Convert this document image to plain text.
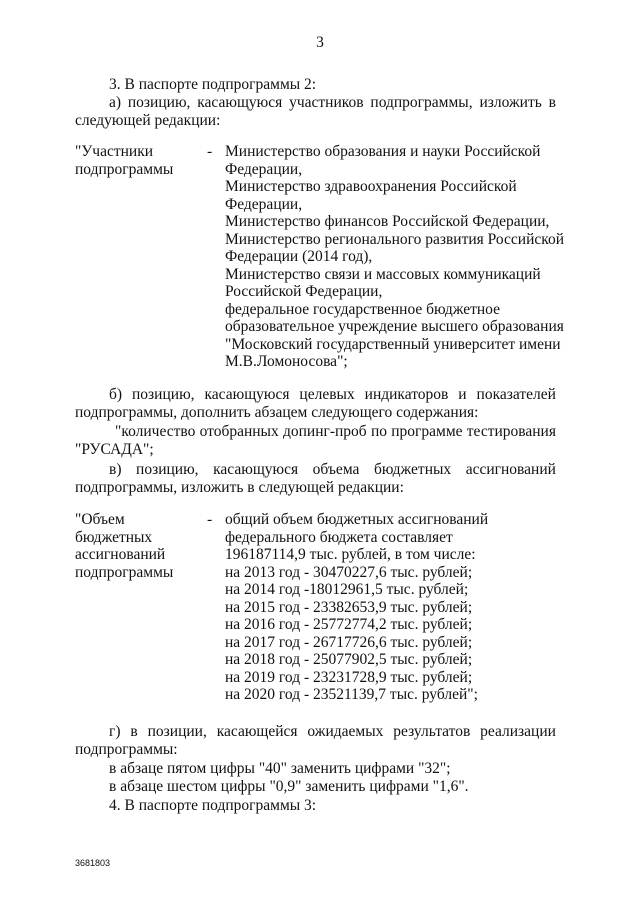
3
3. В паспорте подпрограммы 2:
а) позицию, касающуюся участников подпрограммы, изложить в
следующей редакции:
"Участники
подпрограммы
- Министерство образования и науки Российской
Федерации,
Министерство здравоохранения Российской
Федерации,
Министерство финансов Российской Федерации,
Министерство регионального развития Российской
Федерации (2014 год),
Министерство связи и массовых коммуникаций
Российской Федерации,
федеральное государственное бюджетное
образовательное учреждение высшего образования
"Московский государственный университет имени
М.В.Ломоносова";
б) позицию, касающуюся целевых индикаторов и показателей
подпрограммы, дополнить абзацем следующего содержания:
"количество отобранных допинг-проб по программе тестирования
"РУСАДА";
в) позицию, касающуюся объема бюджетных ассигнований
подпрограммы, изложить в следующей редакции:
"Объем
бюджетных
ассигнований
подпрограммы
- общий объем бюджетных ассигнований
федерального бюджета составляет
196187114,9 тыс. рублей, в том числе:
на 2013 год - 30470227,6 тыс. рублей;
на 2014 год -18012961,5 тыс. рублей;
на 2015 год - 23382653,9 тыс. рублей;
на 2016 год - 25772774,2 тыс. рублей;
на 2017 год - 26717726,6 тыс. рублей;
на 2018 год - 25077902,5 тыс. рублей;
на 2019 год - 23231728,9 тыс. рублей;
на 2020 год - 23521139,7 тыс. рублей";
г) в позиции, касающейся ожидаемых результатов реализации
подпрограммы:
в абзаце пятом цифры "40" заменить цифрами "32";
в абзаце шестом цифры "0,9" заменить цифрами "1,6".
4. В паспорте подпрограммы 3:
3681803
